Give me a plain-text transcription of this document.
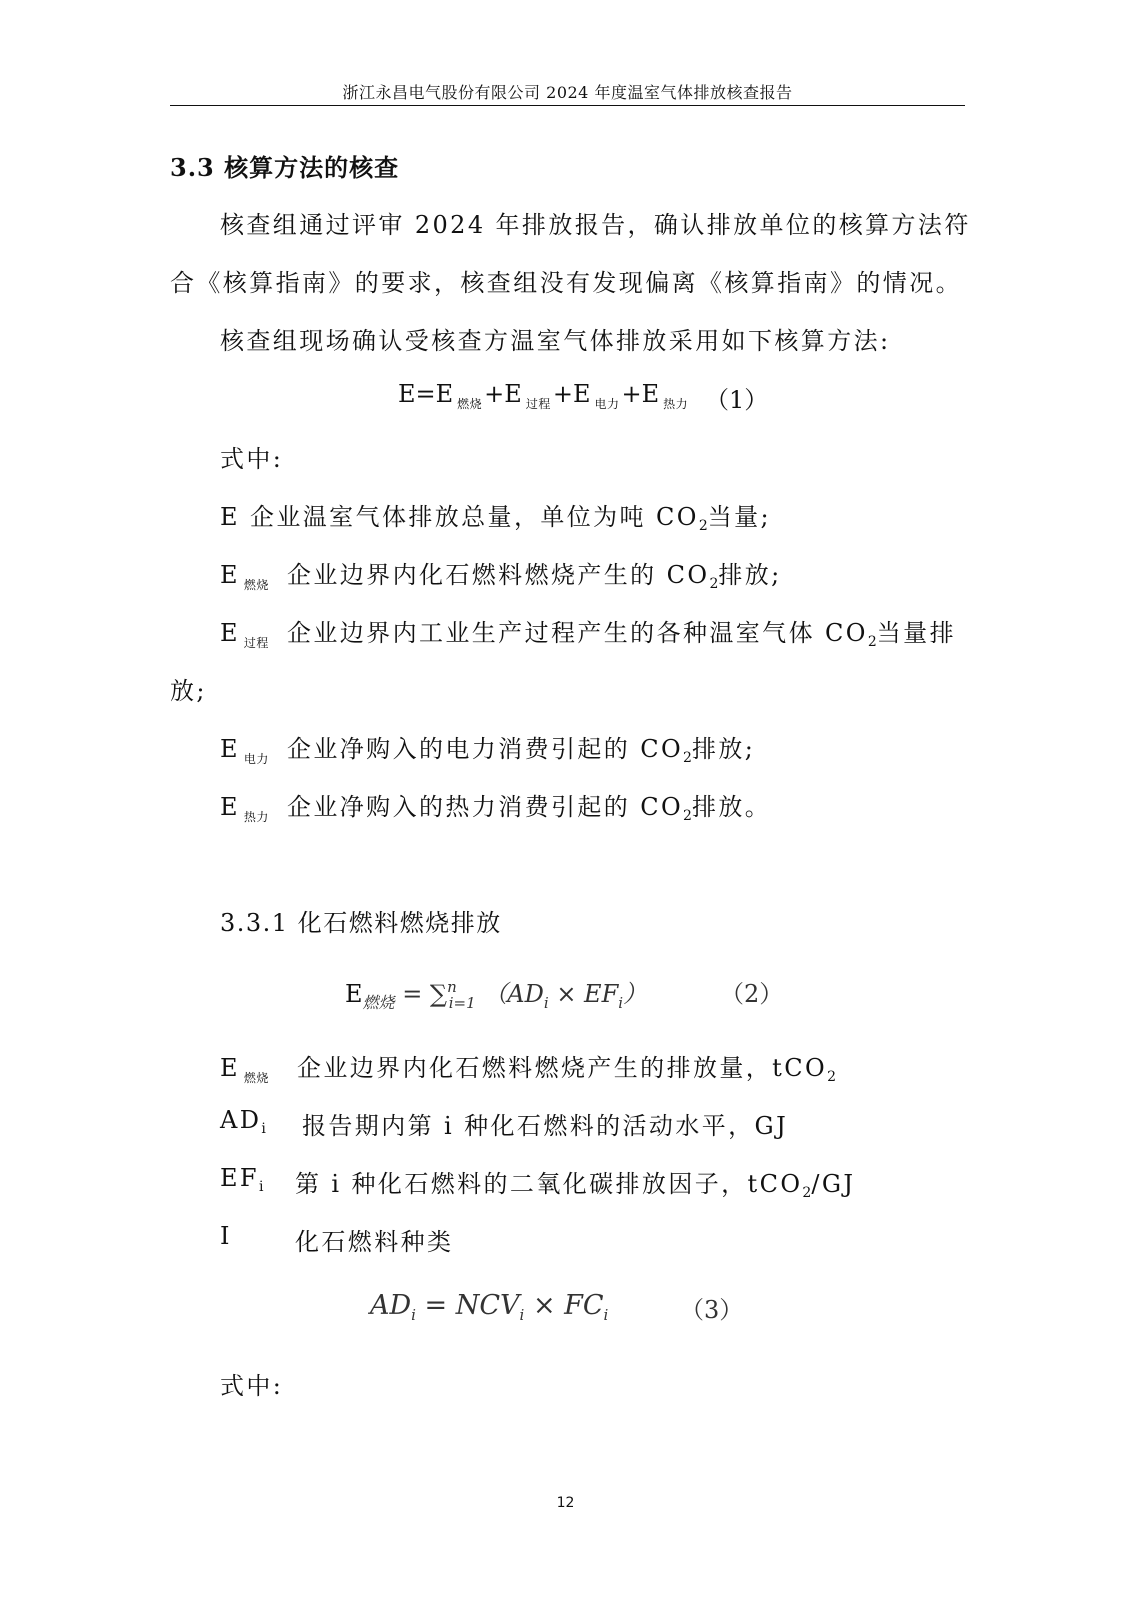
浙江永昌电气股份有限公司 2024 年度温室气体排放核查报告
3.3 核算方法的核查
核查组通过评审 2024 年排放报告，确认排放单位的核算方法符
合《核算指南》的要求，核查组没有发现偏离《核算指南》的情况。
核查组现场确认受核查方温室气体排放采用如下核算方法:
E=E $_{燃烧}$+E $_{过程}$+E $_{电力}$+E $_{热力}$ （1）
式中:
E 企业温室气体排放总量，单位为吨 $CO_2$当量;
E $_{燃烧}$ 企业边界内化石燃料燃烧产生的 $CO_2$排放;
E $_{过程}$ 企业边界内工业生产过程产生的各种温室气体 $CO_2$当量排
放;
E $_{电力}$ 企业净购入的电力消费引起的 $CO_2$排放;
E $_{热力}$ 企业净购入的热力消费引起的 $CO_2$排放。
3.3.1 化石燃料燃烧排放
$E_{燃烧} = \sum^n_{i=1}$ $(AD_i \times EF_i)$	（2）
E $_{燃烧}$ 企业边界内化石燃料燃烧产生的排放量，tCO$_2$
$AD_i$ 报告期内第 i 种化石燃料的活动水平，GJ
$EF_i$ 第 i 种化石燃料的二氧化碳排放因子，tCO$_2$/GJ
I	化石燃料种类
$AD_i = NCV_i \times FC_i$	（3）
式中:
12
